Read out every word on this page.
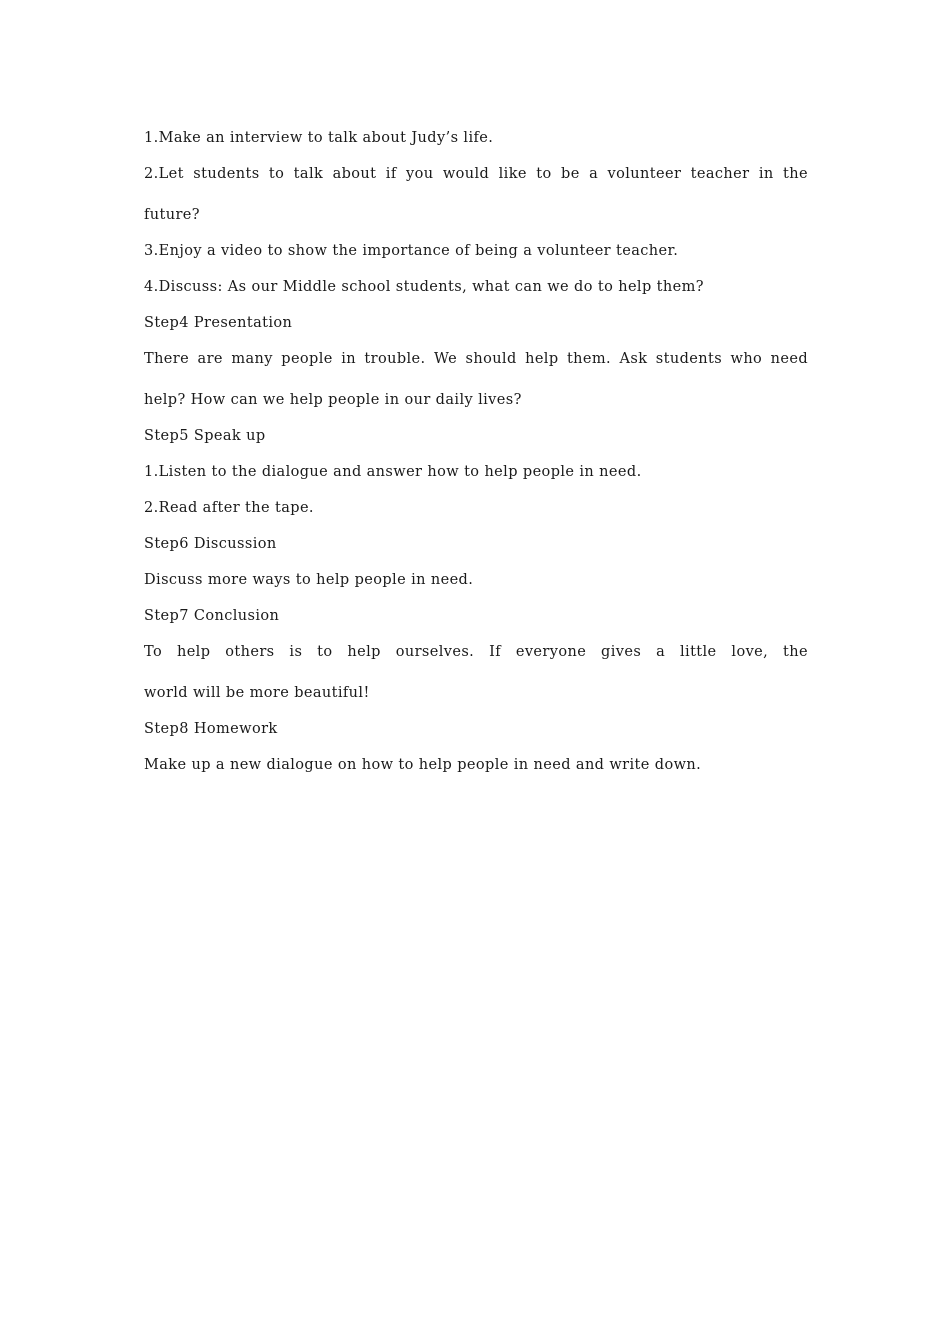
1.Make an interview to talk about Judy’s life.
2.Let students to talk about if you would like to be a volunteer teacher in the
future?
3.Enjoy a video to show the importance of being a volunteer teacher.
4.Discuss: As our Middle school students, what can we do to help them?
Step4 Presentation
There are many people in trouble. We should help them. Ask students who need
help? How can we help people in our daily lives?
Step5 Speak up
1.Listen to the dialogue and answer how to help people in need.
2.Read after the tape.
Step6 Discussion
Discuss more ways to help people in need.
Step7 Conclusion
To help others is to help ourselves. If everyone gives a little love, the
world will be more beautiful!
Step8 Homework
Make up a new dialogue on how to help people in need and write down.
